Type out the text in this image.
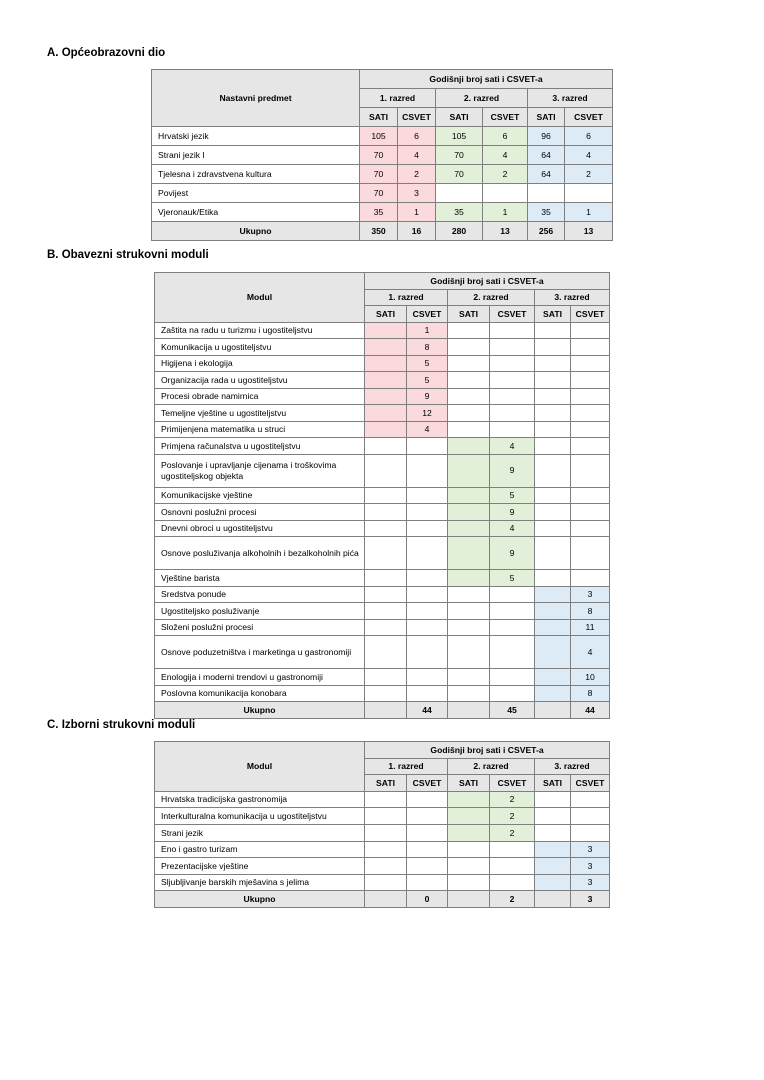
A. Općeobrazovni dio
Nastavni predmet	Godišnji broj sati i CSVET-a					
	1. razred		2. razred		3. razred	
	SATI	CSVET	SATI	CSVET	SATI	CSVET
Hrvatski jezik	105	6	105	6	96	6
Strani jezik I	70	4	70	4	64	4
Tjelesna i zdravstvena kultura	70	2	70	2	64	2
Povijest	70	3				
Vjeronauk/Etika	35	1	35	1	35	1
Ukupno	350	16	280	13	256	13
B. Obavezni strukovni moduli
Modul	Godišnji broj sati i CSVET-a					
	1. razred		2. razred		3. razred	
	SATI	CSVET	SATI	CSVET	SATI	CSVET
Zaštita na radu u turizmu i ugostiteljstvu		1				
Komunikacija u ugostiteljstvu		8				
Higijena i ekologija		5				
Organizacija rada u ugostiteljstvu		5				
Procesi obrade namirnica		9				
Temeljne vještine u ugostiteljstvu		12				
Primijenjena matematika u struci		4				
Primjena računalstva u ugostiteljstvu				4		
Poslovanje i upravljanje cijenama i troškovima ugostiteljskog objekta				9		
Komunikacijske vještine				5		
Osnovni poslužni procesi				9		
Dnevni obroci u ugostiteljstvu				4		
Osnove posluživanja alkoholnih i bezalkoholnih pića				9		
Vještine barista				5		
Sredstva ponude						3
Ugostiteljsko posluživanje						8
Složeni poslužni procesi						11
Osnove poduzetništva i marketinga u gastronomiji						4
Enologija i moderni trendovi u gastronomiji						10
Poslovna komunikacija konobara						8
Ukupno		44		45		44
C. Izborni strukovni moduli
Modul	Godišnji broj sati i CSVET-a					
	1. razred		2. razred		3. razred	
	SATI	CSVET	SATI	CSVET	SATI	CSVET
Hrvatska tradicijska gastronomija				2		
Interkulturalna komunikacija u ugostiteljstvu				2		
Strani jezik				2		
Eno i gastro turizam						3
Prezentacijske vještine						3
Sljubljivanje barskih mješavina s jelima						3
Ukupno		0		2		3
